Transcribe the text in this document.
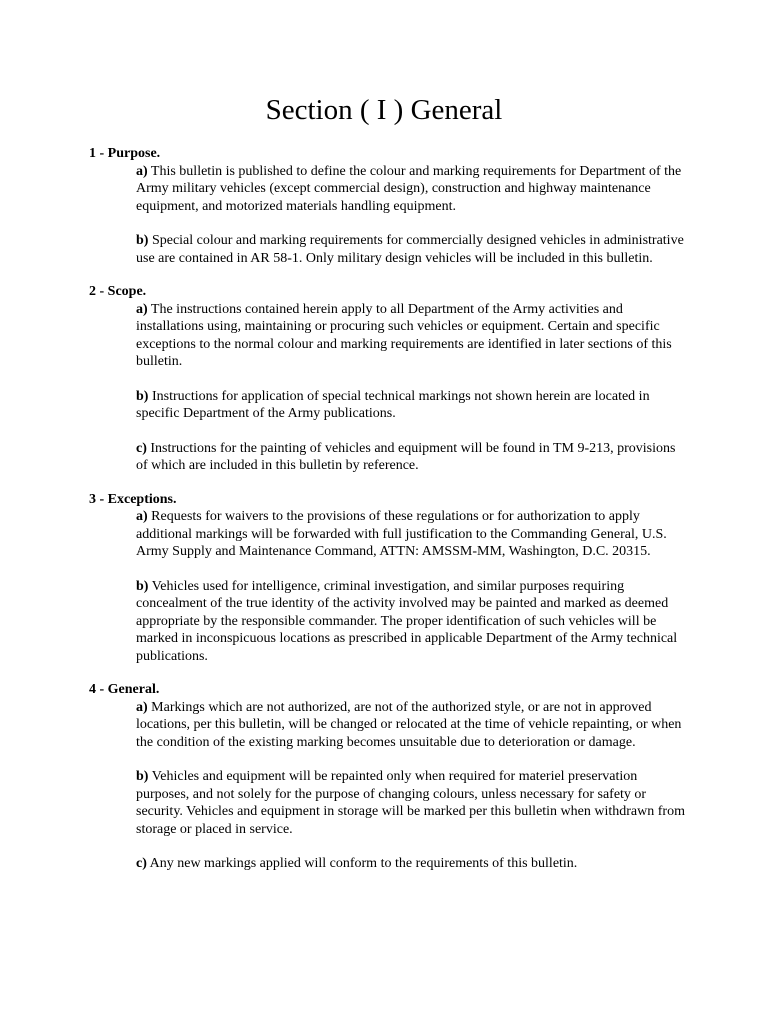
Section ( I ) General

1 - Purpose.

a) This bulletin is published to define the colour and marking requirements for Department of the Army military vehicles (except commercial design), construction and highway maintenance equipment, and motorized materials handling equipment.

b) Special colour and marking requirements for commercially designed vehicles in administrative use are contained in AR 58-1. Only military design vehicles will be included in this bulletin.

2 - Scope.

a) The instructions contained herein apply to all Department of the Army activities and installations using, maintaining or procuring such vehicles or equipment. Certain and specific exceptions to the normal colour and marking requirements are identified in later sections of this bulletin.

b) Instructions for application of special technical markings not shown herein are located in specific Department of the Army publications.

c) Instructions for the painting of vehicles and equipment will be found in TM 9-213, provisions of which are included in this bulletin by reference.

3 - Exceptions.

a) Requests for waivers to the provisions of these regulations or for authorization to apply additional markings will be forwarded with full justification to the Commanding General, U.S. Army Supply and Maintenance Command, ATTN: AMSSM-MM, Washington, D.C. 20315.

b) Vehicles used for intelligence, criminal investigation, and similar purposes requiring concealment of the true identity of the activity involved may be painted and marked as deemed appropriate by the responsible commander. The proper identification of such vehicles will be marked in inconspicuous locations as prescribed in applicable Department of the Army technical publications.

4 - General.

a) Markings which are not authorized, are not of the authorized style, or are not in approved locations, per this bulletin, will be changed or relocated at the time of vehicle repainting, or when the condition of the existing marking becomes unsuitable due to deterioration or damage.

b) Vehicles and equipment will be repainted only when required for materiel preservation purposes, and not solely for the purpose of changing colours, unless necessary for safety or security. Vehicles and equipment in storage will be marked per this bulletin when withdrawn from storage or placed in service.

c) Any new markings applied will conform to the requirements of this bulletin.
